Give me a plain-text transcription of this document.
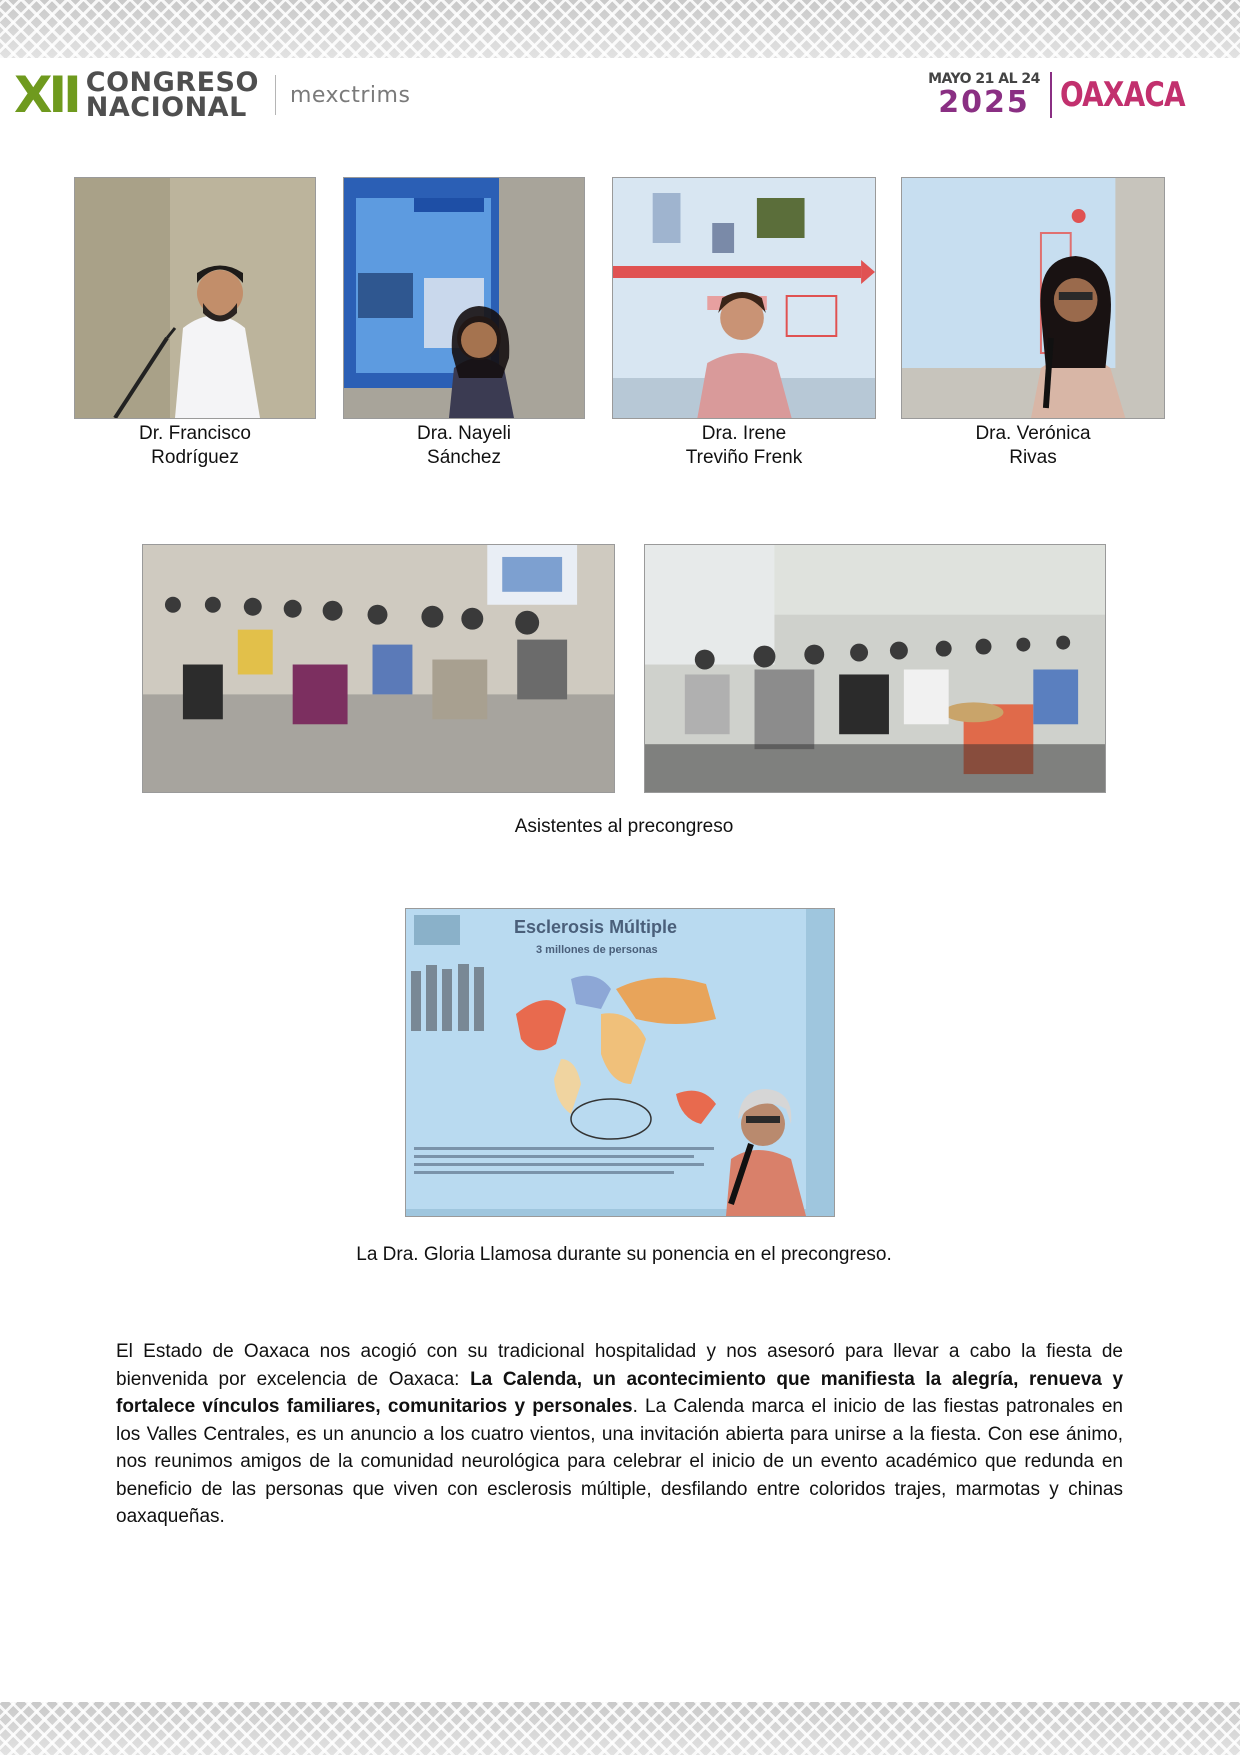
XII CONGRESO
NACIONAL	mexctrims
MAYO 21 AL 24
2025 OAXACA
Dr. Francisco
Rodríguez
Dra. Nayeli
Sánchez
Dra. Irene
Treviño Frenk
Dra. Verónica
Rivas
Asistentes al precongreso
Esclerosis Múltiple
3 millones de personas
La Dra. Gloria Llamosa durante su ponencia en el precongreso.
El Estado de Oaxaca nos acogió con su tradicional hospitalidad y nos asesoró para llevar a cabo la fiesta de bienvenida por excelencia de Oaxaca: La Calenda, un acontecimiento que manifiesta la alegría, renueva y fortalece vínculos familiares, comunitarios y personales. La Calenda marca el inicio de las fiestas patronales en los Valles Centrales, es un anuncio a los cuatro vientos, una invitación abierta para unirse a la fiesta. Con ese ánimo, nos reunimos amigos de la comunidad neurológica para celebrar el inicio de un evento académico que redunda en beneficio de las personas que viven con esclerosis múltiple, desfilando entre coloridos trajes, marmotas y chinas oaxaqueñas.
